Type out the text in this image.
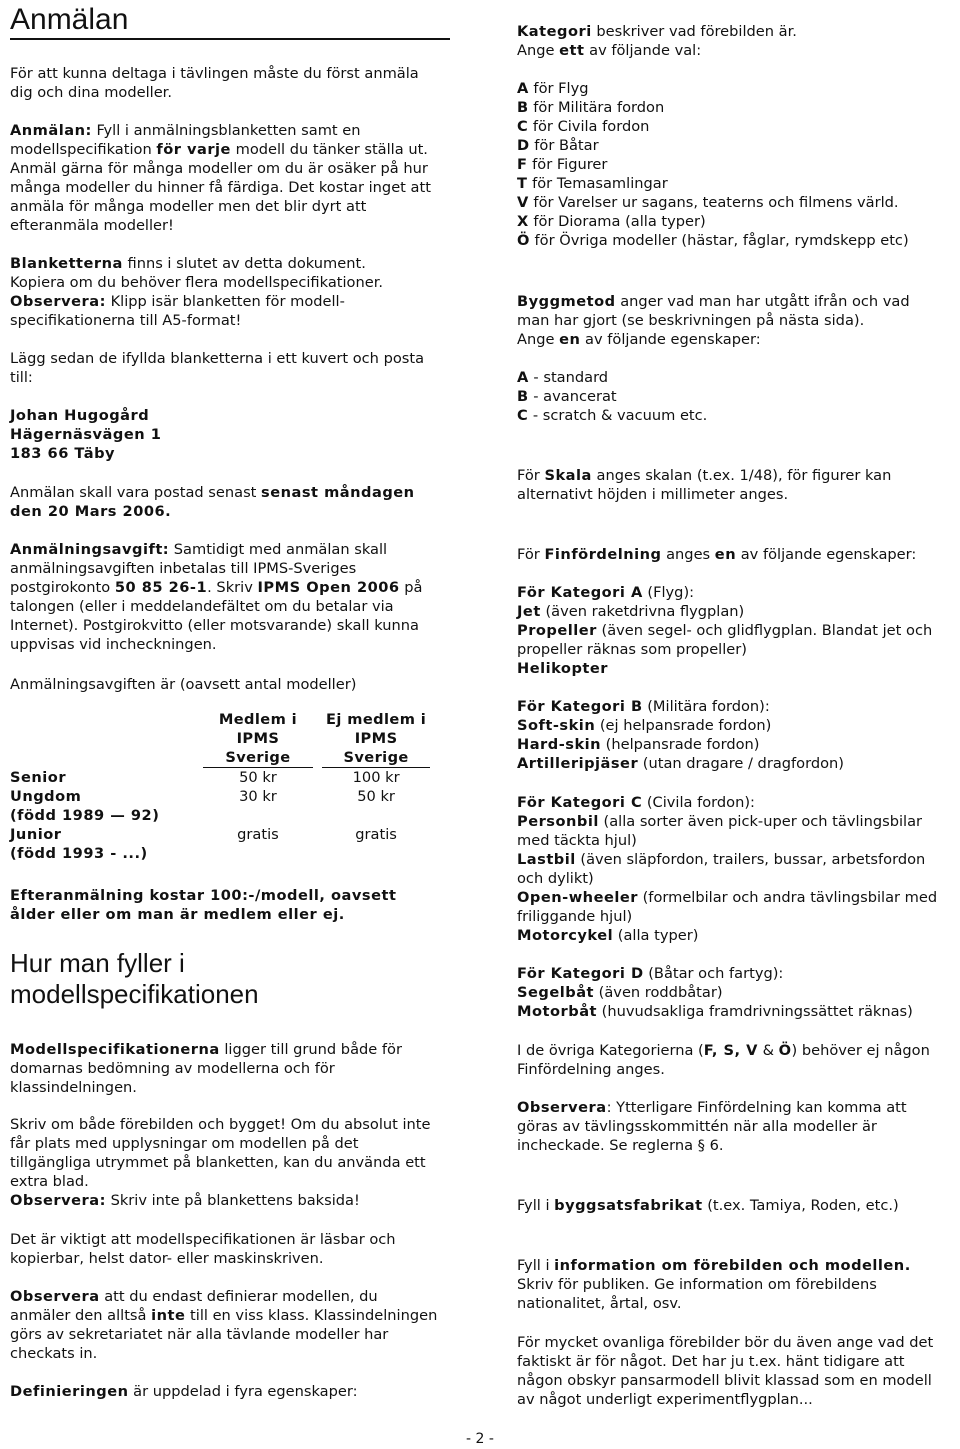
Anmälan

För att kunna deltaga i tävlingen måste du först anmäla dig och dina modeller.

Anmälan: Fyll i anmälningsblanketten samt en modellspecifikation för varje modell du tänker ställa ut. Anmäl gärna för många modeller om du är osäker på hur många modeller du hinner få färdiga. Det kostar inget att anmäla för många modeller men det blir dyrt att efteranmäla modeller!

Blanketterna finns i slutet av detta dokument.
Kopiera om du behöver flera modellspecifikationer.
Observera: Klipp isär blanketten för modell-specifikationerna till A5-format!

Lägg sedan de ifyllda blanketterna i ett kuvert och posta till:

Johan Hugogård
Hägernäsvägen 1
183 66 Täby

Anmälan skall vara postad senast senast måndagen den 20 Mars 2006.

Anmälningsavgift: Samtidigt med anmälan skall anmälningsavgiften inbetalas till IPMS-Sveriges postgirokonto 50 85 26-1. Skriv IPMS Open 2006 på talongen (eller i meddelandefältet om du betalar via Internet). Postgirokvitto (eller motsvarande) skall kunna uppvisas vid incheckningen.

Anmälningsavgiften är (oavsett antal modeller)

	Medlem i IPMS Sverige		Ej medlem i IPMS Sverige
Senior	50 kr		100 kr
Ungdom	30 kr		50 kr
(född 1989 — 92)			
Junior	gratis		gratis
(född 1993 - ...)			

Efteranmälning kostar 100:-/modell, oavsett ålder eller om man är medlem eller ej.

Hur man fyller i modellspecifikationen

Modellspecifikationerna ligger till grund både för domarnas bedömning av modellerna och för klassindelningen.

Skriv om både förebilden och bygget! Om du absolut inte får plats med upplysningar om modellen på det tillgängliga utrymmet på blanketten, kan du använda ett extra blad.
Observera: Skriv inte på blankettens baksida!

Det är viktigt att modellspecifikationen är läsbar och kopierbar, helst dator- eller maskinskriven.

Observera att du endast definierar modellen, du anmäler den alltså inte till en viss klass. Klassindelningen görs av sekretariatet när alla tävlande modeller har checkats in.

Definieringen är uppdelad i fyra egenskaper:

Kategori beskriver vad förebilden är.
Ange ett av följande val:

A för Flyg

B för Militära fordon

C för Civila fordon

D för Båtar

F för Figurer

T för Temasamlingar

V för Varelser ur sagans, teaterns och filmens värld.

X för Diorama (alla typer)

Ö för Övriga modeller (hästar, fåglar, rymdskepp etc)

Byggmetod anger vad man har utgått ifrån och vad man har gjort (se beskrivningen på nästa sida).
Ange en av följande egenskaper:

A - standard

B - avancerat

C - scratch & vacuum etc.

För Skala anges skalan (t.ex. 1/48), för figurer kan alternativt höjden i millimeter anges.

För Finfördelning anges en av följande egenskaper:

För Kategori A (Flyg):

Jet (även raketdrivna flygplan)

Propeller (även segel- och glidflygplan. Blandat jet och propeller räknas som propeller)

Helikopter

För Kategori B (Militära fordon):

Soft-skin (ej helpansrade fordon)

Hard-skin (helpansrade fordon)

Artilleripjäser (utan dragare / dragfordon)

För Kategori C (Civila fordon):

Personbil (alla sorter även pick-uper och tävlingsbilar med täckta hjul)

Lastbil (även släpfordon, trailers, bussar, arbetsfordon och dylikt)

Open-wheeler (formelbilar och andra tävlingsbilar med friliggande hjul)

Motorcykel (alla typer)

För Kategori D (Båtar och fartyg):

Segelbåt (även roddbåtar)

Motorbåt (huvudsakliga framdrivningssättet räknas)

I de övriga Kategorierna (F, S, V & Ö) behöver ej någon Finfördelning anges.

Observera: Ytterligare Finfördelning kan komma att göras av tävlingsskommittén när alla modeller är incheckade. Se reglerna § 6.

Fyll i byggsatsfabrikat (t.ex. Tamiya, Roden, etc.)

Fyll i information om förebilden och modellen. Skriv för publiken. Ge information om förebildens nationalitet, årtal, osv.

För mycket ovanliga förebilder bör du även ange vad det faktiskt är för något. Det har ju t.ex. hänt tidigare att någon obskyr pansarmodell blivit klassad som en modell av något underligt experimentflygplan...

- 2 -
